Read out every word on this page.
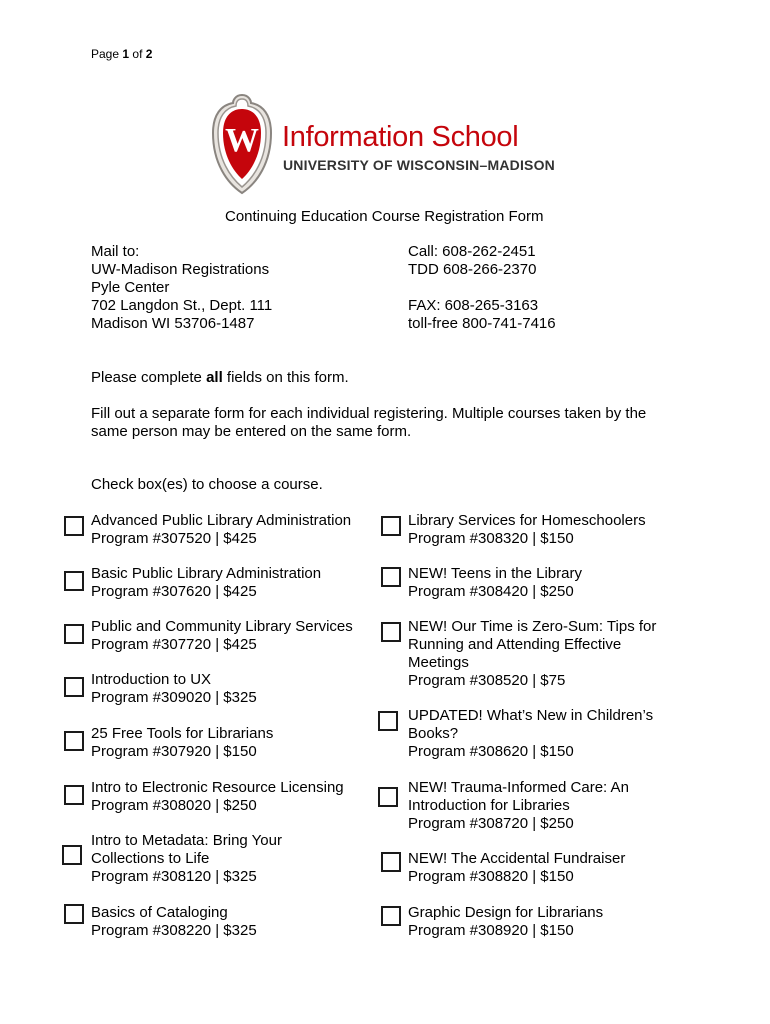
Page 1 of 2
W Information School
UNIVERSITY OF WISCONSIN–MADISON
Continuing Education Course Registration Form
Mail to:
UW-Madison Registrations
Pyle Center
702 Langdon St., Dept. 111
Madison WI 53706-1487
Call: 608-262-2451
TDD 608-266-2370
FAX: 608-265-3163
toll-free 800-741-7416
Please complete all fields on this form.
Fill out a separate form for each individual registering. Multiple courses taken by the same person may be entered on the same form.
Check box(es) to choose a course.
Advanced Public Library Administration
Program #307520 | $425
Basic Public Library Administration
Program #307620 | $425
Public and Community Library Services
Program #307720 | $425
Introduction to UX
Program #309020 | $325
25 Free Tools for Librarians
Program #307920 | $150
Intro to Electronic Resource Licensing
Program #308020 | $250
Intro to Metadata: Bring Your
Collections to Life
Program #308120 | $325
Basics of Cataloging
Program #308220 | $325
Library Services for Homeschoolers
Program #308320 | $150
NEW! Teens in the Library
Program #308420 | $250
NEW! Our Time is Zero-Sum: Tips for
Running and Attending Effective
Meetings
Program #308520 | $75
UPDATED! What’s New in Children’s
Books?
Program #308620 | $150
NEW! Trauma-Informed Care: An
Introduction for Libraries
Program #308720 | $250
NEW! The Accidental Fundraiser
Program #308820 | $150
Graphic Design for Librarians
Program #308920 | $150
